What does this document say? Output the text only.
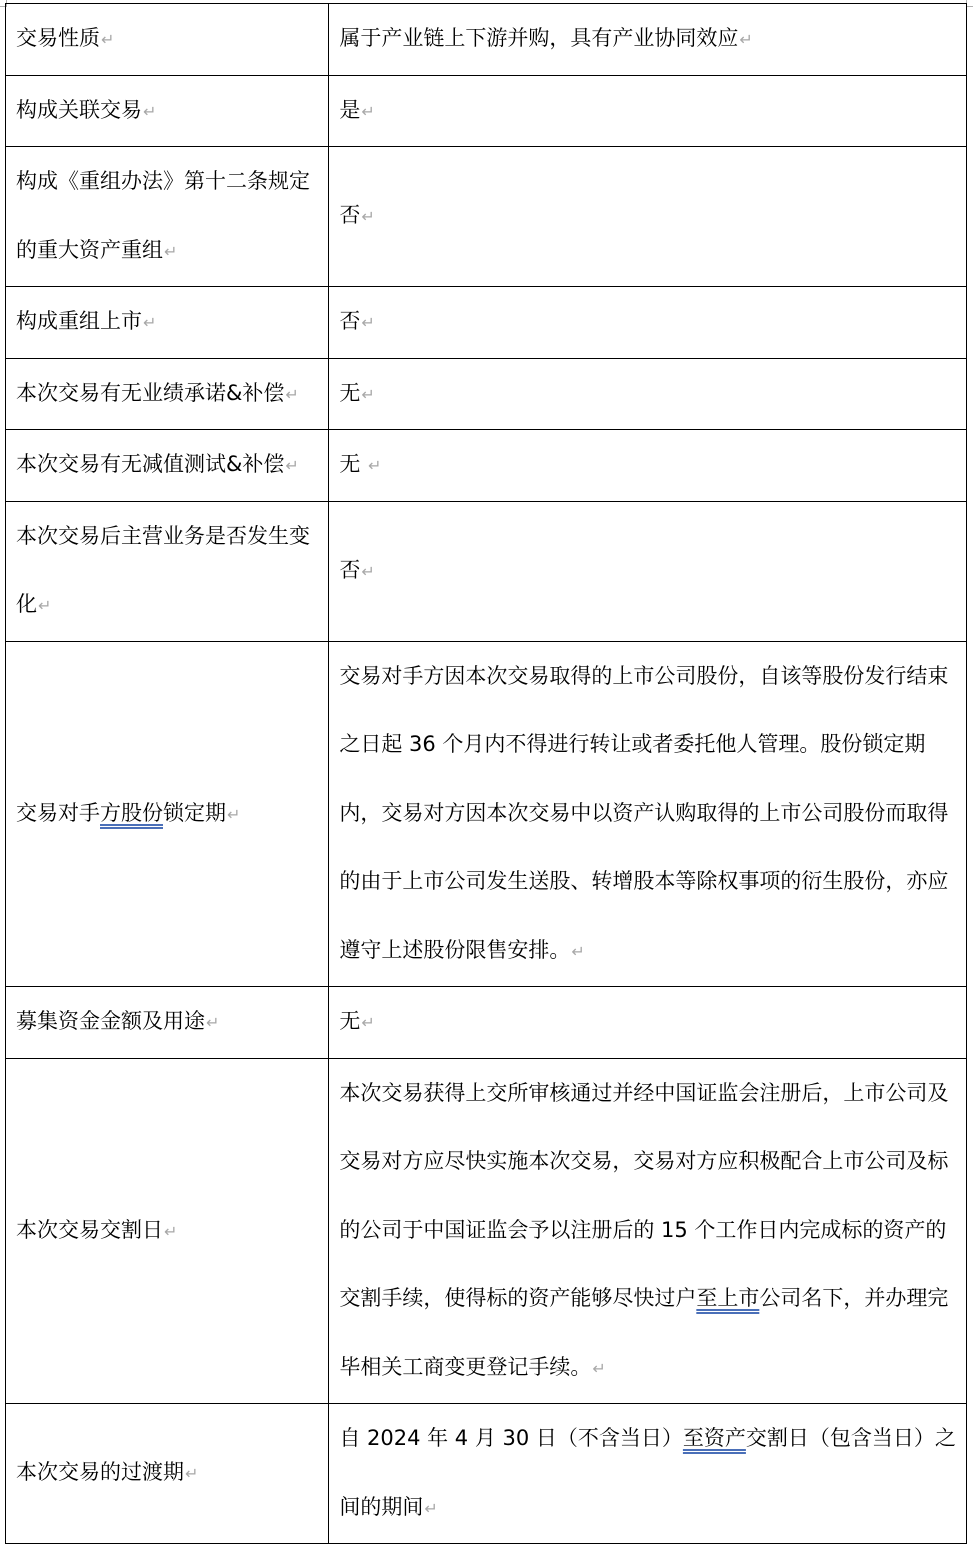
交易性质↵	属于产业链上下游并购，具有产业协同效应↵
构成关联交易↵	是↵
构成《重组办法》第十二条规定的重大资产重组↵	否↵
构成重组上市↵	否↵
本次交易有无业绩承诺&补偿↵	无↵
本次交易有无减值测试&补偿↵	无 ↵
本次交易后主营业务是否发生变化↵	否↵
交易对手方股份锁定期↵	交易对手方因本次交易取得的上市公司股份，自该等股份发行结束之日起 36 个月内不得进行转让或者委托他人管理。股份锁定期内，交易对方因本次交易中以资产认购取得的上市公司股份而取得的由于上市公司发生送股、转增股本等除权事项的衍生股份，亦应遵守上述股份限售安排。↵
募集资金金额及用途↵	无↵
本次交易交割日↵	本次交易获得上交所审核通过并经中国证监会注册后，上市公司及交易对方应尽快实施本次交易，交易对方应积极配合上市公司及标的公司于中国证监会予以注册后的 15 个工作日内完成标的资产的交割手续，使得标的资产能够尽快过户至上市公司名下，并办理完毕相关工商变更登记手续。↵
本次交易的过渡期↵	自 2024 年 4 月 30 日（不含当日）至资产交割日（包含当日）之间的期间↵
